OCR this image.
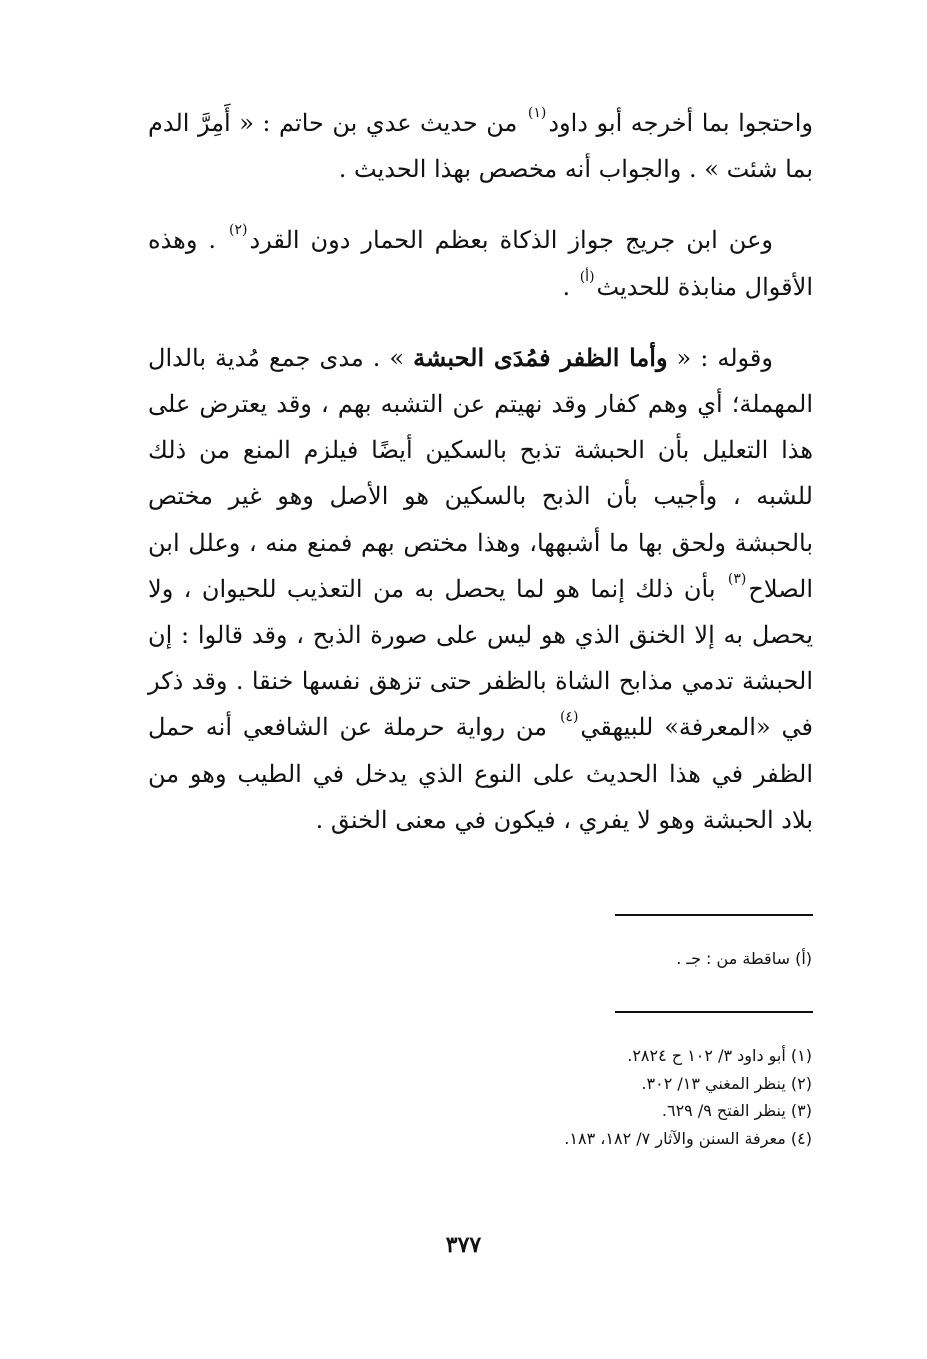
واحتجوا بما أخرجه أبو داود$^{(١)}$ من حديث عدي بن حاتم : « أَمِرَّ الدم بما شئت » . والجواب أنه مخصص بهذا الحديث .

وعن ابن جريج جواز الذكاة بعظم الحمار دون القرد$^{(٢)}$ . وهذه الأقوال منابذة للحديث$^{(أ)}$ .

وقوله : « وأما الظفر فمُدَى الحبشة » . مدى جمع مُدية بالدال المهملة؛ أي وهم كفار وقد نهيتم عن التشبه بهم ، وقد يعترض على هذا التعليل بأن الحبشة تذبح بالسكين أيضًا فيلزم المنع من ذلك للشبه ، وأجيب بأن الذبح بالسكين هو الأصل وهو غير مختص بالحبشة ولحق بها ما أشبهها، وهذا مختص بهم فمنع منه ، وعلل ابن الصلاح$^{(٣)}$ بأن ذلك إنما هو لما يحصل به من التعذيب للحيوان ، ولا يحصل به إلا الخنق الذي هو ليس على صورة الذبح ، وقد قالوا : إن الحبشة تدمي مذابح الشاة بالظفر حتى تزهق نفسها خنقا . وقد ذكر في «المعرفة» للبيهقي$^{(٤)}$ من رواية حرملة عن الشافعي أنه حمل الظفر في هذا الحديث على النوع الذي يدخل في الطيب وهو من بلاد الحبشة وهو لا يفري ، فيكون في معنى الخنق .

(أ) ساقطة من : جـ .
(١) أبو داود ٣/ ١٠٢ ح ٢٨٢٤.
(٢) ينظر المغني ١٣/ ٣٠٢.
(٣) ينظر الفتح ٩/ ٦٢٩.
(٤) معرفة السنن والآثار ٧/ ١٨٢، ١٨٣.
٣٧٧
